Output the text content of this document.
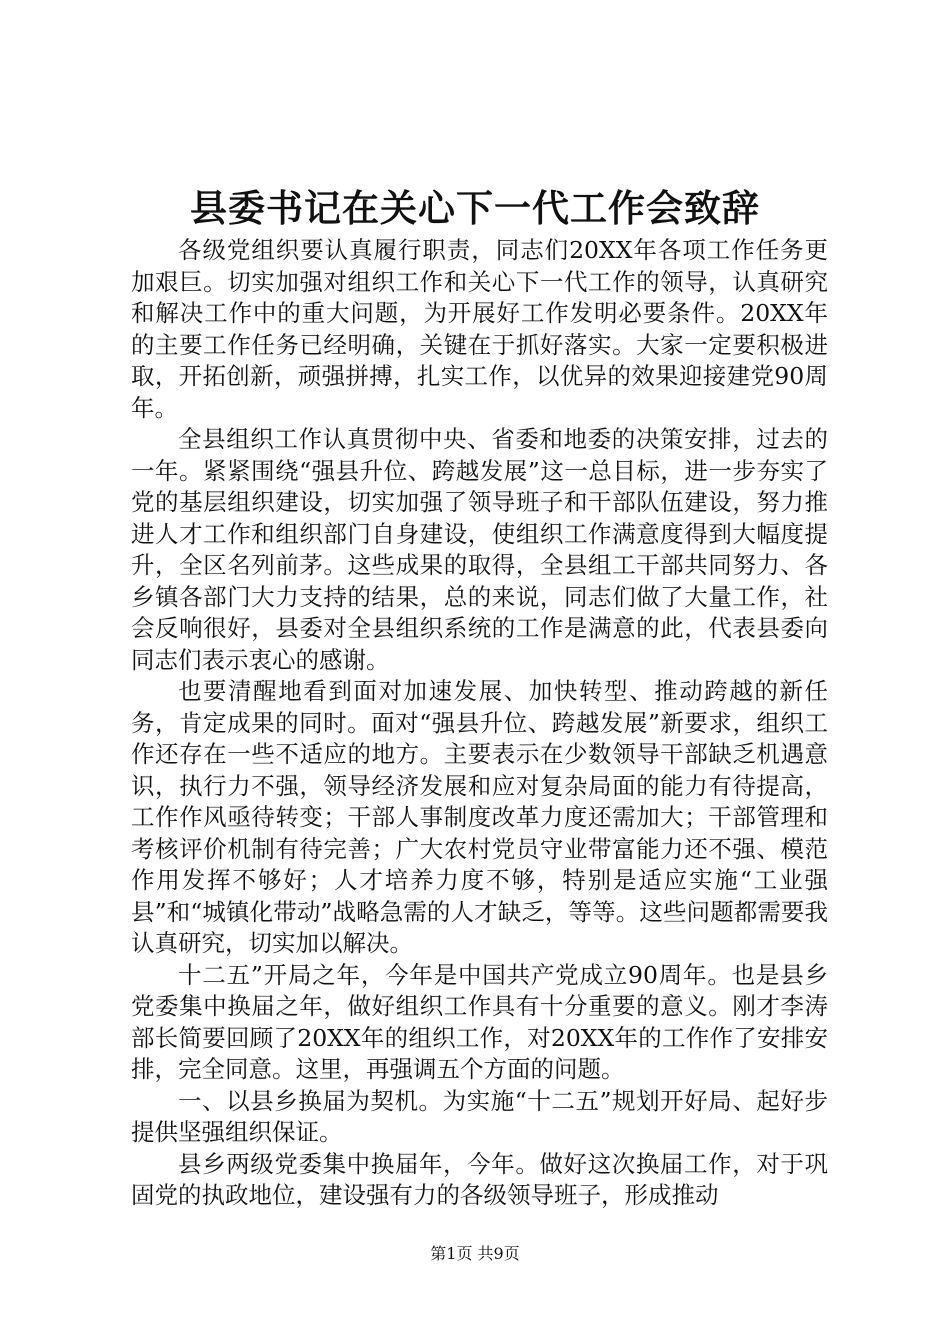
县委书记在关心下一代工作会致辞

各级党组织要认真履行职责，同志们20XX年各项工作任务更加艰巨。切实加强对组织工作和关心下一代工作的领导，认真研究和解决工作中的重大问题，为开展好工作发明必要条件。20XX年的主要工作任务已经明确，关键在于抓好落实。大家一定要积极进取，开拓创新，顽强拼搏，扎实工作，以优异的效果迎接建党90周年。

全县组织工作认真贯彻中央、省委和地委的决策安排，过去的一年。紧紧围绕“强县升位、跨越发展”这一总目标，进一步夯实了党的基层组织建设，切实加强了领导班子和干部队伍建设，努力推进人才工作和组织部门自身建设，使组织工作满意度得到大幅度提升，全区名列前茅。这些成果的取得，全县组工干部共同努力、各乡镇各部门大力支持的结果，总的来说，同志们做了大量工作，社会反响很好，县委对全县组织系统的工作是满意的此，代表县委向同志们表示衷心的感谢。

也要清醒地看到面对加速发展、加快转型、推动跨越的新任务，肯定成果的同时。面对“强县升位、跨越发展”新要求，组织工作还存在一些不适应的地方。主要表示在少数领导干部缺乏机遇意识，执行力不强，领导经济发展和应对复杂局面的能力有待提高，工作作风亟待转变；干部人事制度改革力度还需加大；干部管理和考核评价机制有待完善；广大农村党员守业带富能力还不强、模范作用发挥不够好；人才培养力度不够，特别是适应实施“工业强县”和“城镇化带动”战略急需的人才缺乏，等等。这些问题都需要我认真研究，切实加以解决。

十二五”开局之年，今年是中国共产党成立90周年。也是县乡党委集中换届之年，做好组织工作具有十分重要的意义。刚才李涛部长简要回顾了20XX年的组织工作，对20XX年的工作作了安排安排，完全同意。这里，再强调五个方面的问题。

一、以县乡换届为契机。为实施“十二五”规划开好局、起好步提供坚强组织保证。

县乡两级党委集中换届年，今年。做好这次换届工作，对于巩固党的执政地位，建设强有力的各级领导班子，形成推动

第1页 共9页
